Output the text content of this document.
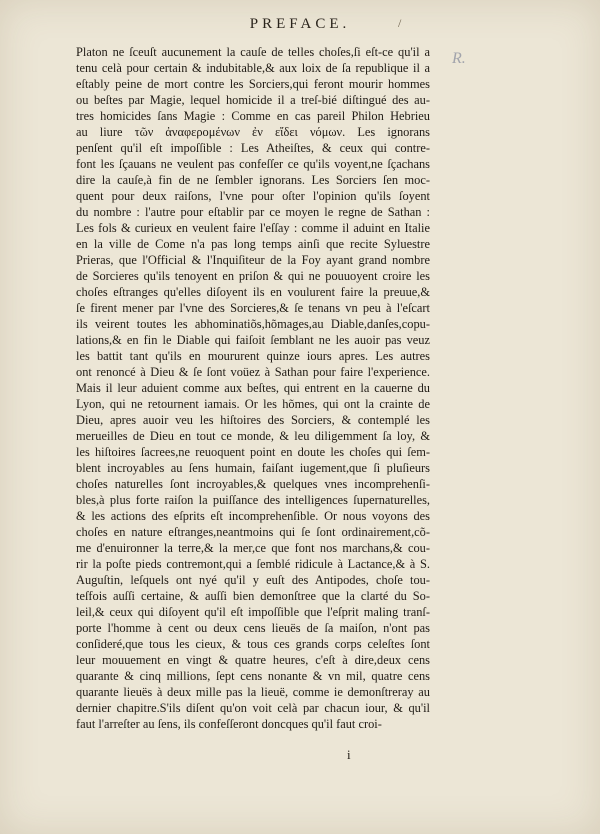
PREFACE.	/
R.
Platon ne ſceuſt aucunement la cauſe de telles choſes,ſi eſt-ce qu'il a
tenu celà pour certain & indubitable,& aux loix de ſa republique il a
eſtably peine de mort contre les Sorciers,qui feront mourir hommes
ou beſtes par Magie, lequel homicide il a treſ-bié diſtingué des au-
tres homicides ſans Magie : Comme en cas pareil Philon Hebrieu
au liure τῶν ἀναφερομένων ἐν εἴδει νόμων. Les ignorans
penſent qu'il eſt impoſſible : Les Atheiſtes, & ceux qui contre-
font les ſçauans ne veulent pas confeſſer ce qu'ils voyent,ne ſçachans
dire la cauſe,à fin de ne ſembler ignorans. Les Sorciers ſen moc-
quent pour deux raiſons, l'vne pour oſter l'opinion qu'ils ſoyent
du nombre : l'autre pour eſtablir par ce moyen le regne de Sathan :
Les fols & curieux en veulent faire l'eſſay : comme il aduint en Italie
en la ville de Come n'a pas long temps ainſi que recite Syluestre
Prieras, que l'Official & l'Inquiſiteur de la Foy ayant grand nombre
de Sorcieres qu'ils tenoyent en priſon & qui ne pouuoyent croire les
choſes eſtranges qu'elles diſoyent ils en voulurent faire la preuue,&
ſe firent mener par l'vne des Sorcieres,& ſe tenans vn peu à l'eſcart
ils veirent toutes les abhominatiõs,hõmages,au Diable,danſes,copu-
lations,& en fin le Diable qui faiſoit ſemblant ne les auoir pas veuz
les battit tant qu'ils en moururent quinze iours apres. Les autres
ont renoncé à Dieu & ſe ſont voüez à Sathan pour faire l'experience.
Mais il leur aduient comme aux beſtes, qui entrent en la cauerne du
Lyon, qui ne retournent iamais. Or les hõmes, qui ont la crainte de
Dieu, apres auoir veu les hiſtoires des Sorciers, & contemplé les
merueilles de Dieu en tout ce monde, & leu diligemment ſa loy, &
les hiſtoires ſacrees,ne reuoquent point en doute les choſes qui ſem-
blent incroyables au ſens humain, faiſant iugement,que ſi pluſieurs
choſes naturelles ſont incroyables,& quelques vnes incomprehenſi-
bles,à plus forte raiſon la puiſſance des intelligences ſupernaturelles,
& les actions des eſprits eſt incomprehenſible. Or nous voyons des
choſes en nature eſtranges,neantmoins qui ſe ſont ordinairement,cõ-
me d'enuironner la terre,& la mer,ce que font nos marchans,& cou-
rir la poſte pieds contremont,qui a ſemblé ridicule à Lactance,& à S.
Auguſtin, leſquels ont nyé qu'il y euſt des Antipodes, choſe tou-
teſfois auſſi certaine, & auſſi bien demonſtree que la clarté du So-
leil,& ceux qui diſoyent qu'il eſt impoſſible que l'eſprit maling tranſ-
porte l'homme à cent ou deux cens lieuës de ſa maiſon, n'ont pas
conſideré,que tous les cieux, & tous ces grands corps celeſtes ſont
leur mouuement en vingt & quatre heures, c'eſt à dire,deux cens
quarante & cinq millions, ſept cens nonante & vn mil, quatre cens
quarante lieuës à deux mille pas la lieuë, comme ie demonſtreray au
dernier chapitre.S'ils diſent qu'on voit celà par chacun iour, & qu'il
faut l'arreſter au ſens, ils confeſſeront doncques qu'il faut croi-
i
